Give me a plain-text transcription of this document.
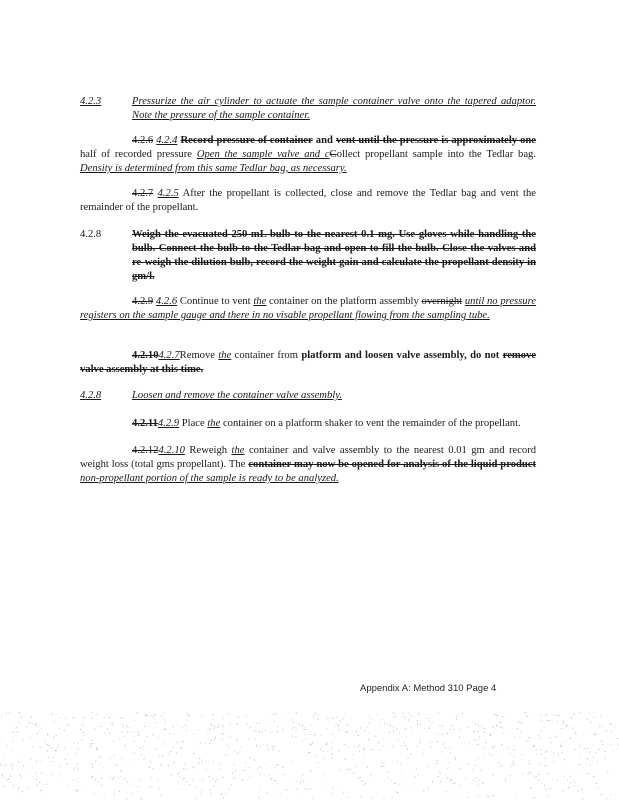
4.2.3	Pressurize the air cylinder to actuate the sample container valve onto the tapered adaptor. Note the pressure of the sample container.
4.2.6 4.2.4 Record pressure of container and vent until the pressure is approximately one half of recorded pressure Open the sample valve and cCollect propellant sample into the Tedlar bag. Density is determined from this same Tedlar bag, as necessary.
4.2.7 4.2.5 After the propellant is collected, close and remove the Tedlar bag and vent the remainder of the propellant.
4.2.8	Weigh the evacuated 250-mL bulb to the nearest 0.1 mg. Use gloves while handling the bulb. Connect the bulb to the Tedlar bag and open to fill the bulb. Close the valves and re-weigh the dilution bulb, record the weight gain and calculate the propellant density in gm/l.
4.2.9 4.2.6 Continue to vent the container on the platform assembly overnight until no pressure registers on the sample gauge and there in no visable propellant flowing from the sampling tube.
4.2.104.2.7Remove the container from platform and loosen valve assembly, do not remove valve assembly at this time.
4.2.8	Loosen and remove the container valve assembly.
4.2.114.2.9 Place the container on a platform shaker to vent the remainder of the propellant.
4.2.124.2.10 Reweigh the container and valve assembly to the nearest 0.01 gm and record weight loss (total gms propellant). The container may now be opened for analysis of the liquid product non-propellant portion of the sample is ready to be analyzed.
Appendix A: Method 310 Page 4
